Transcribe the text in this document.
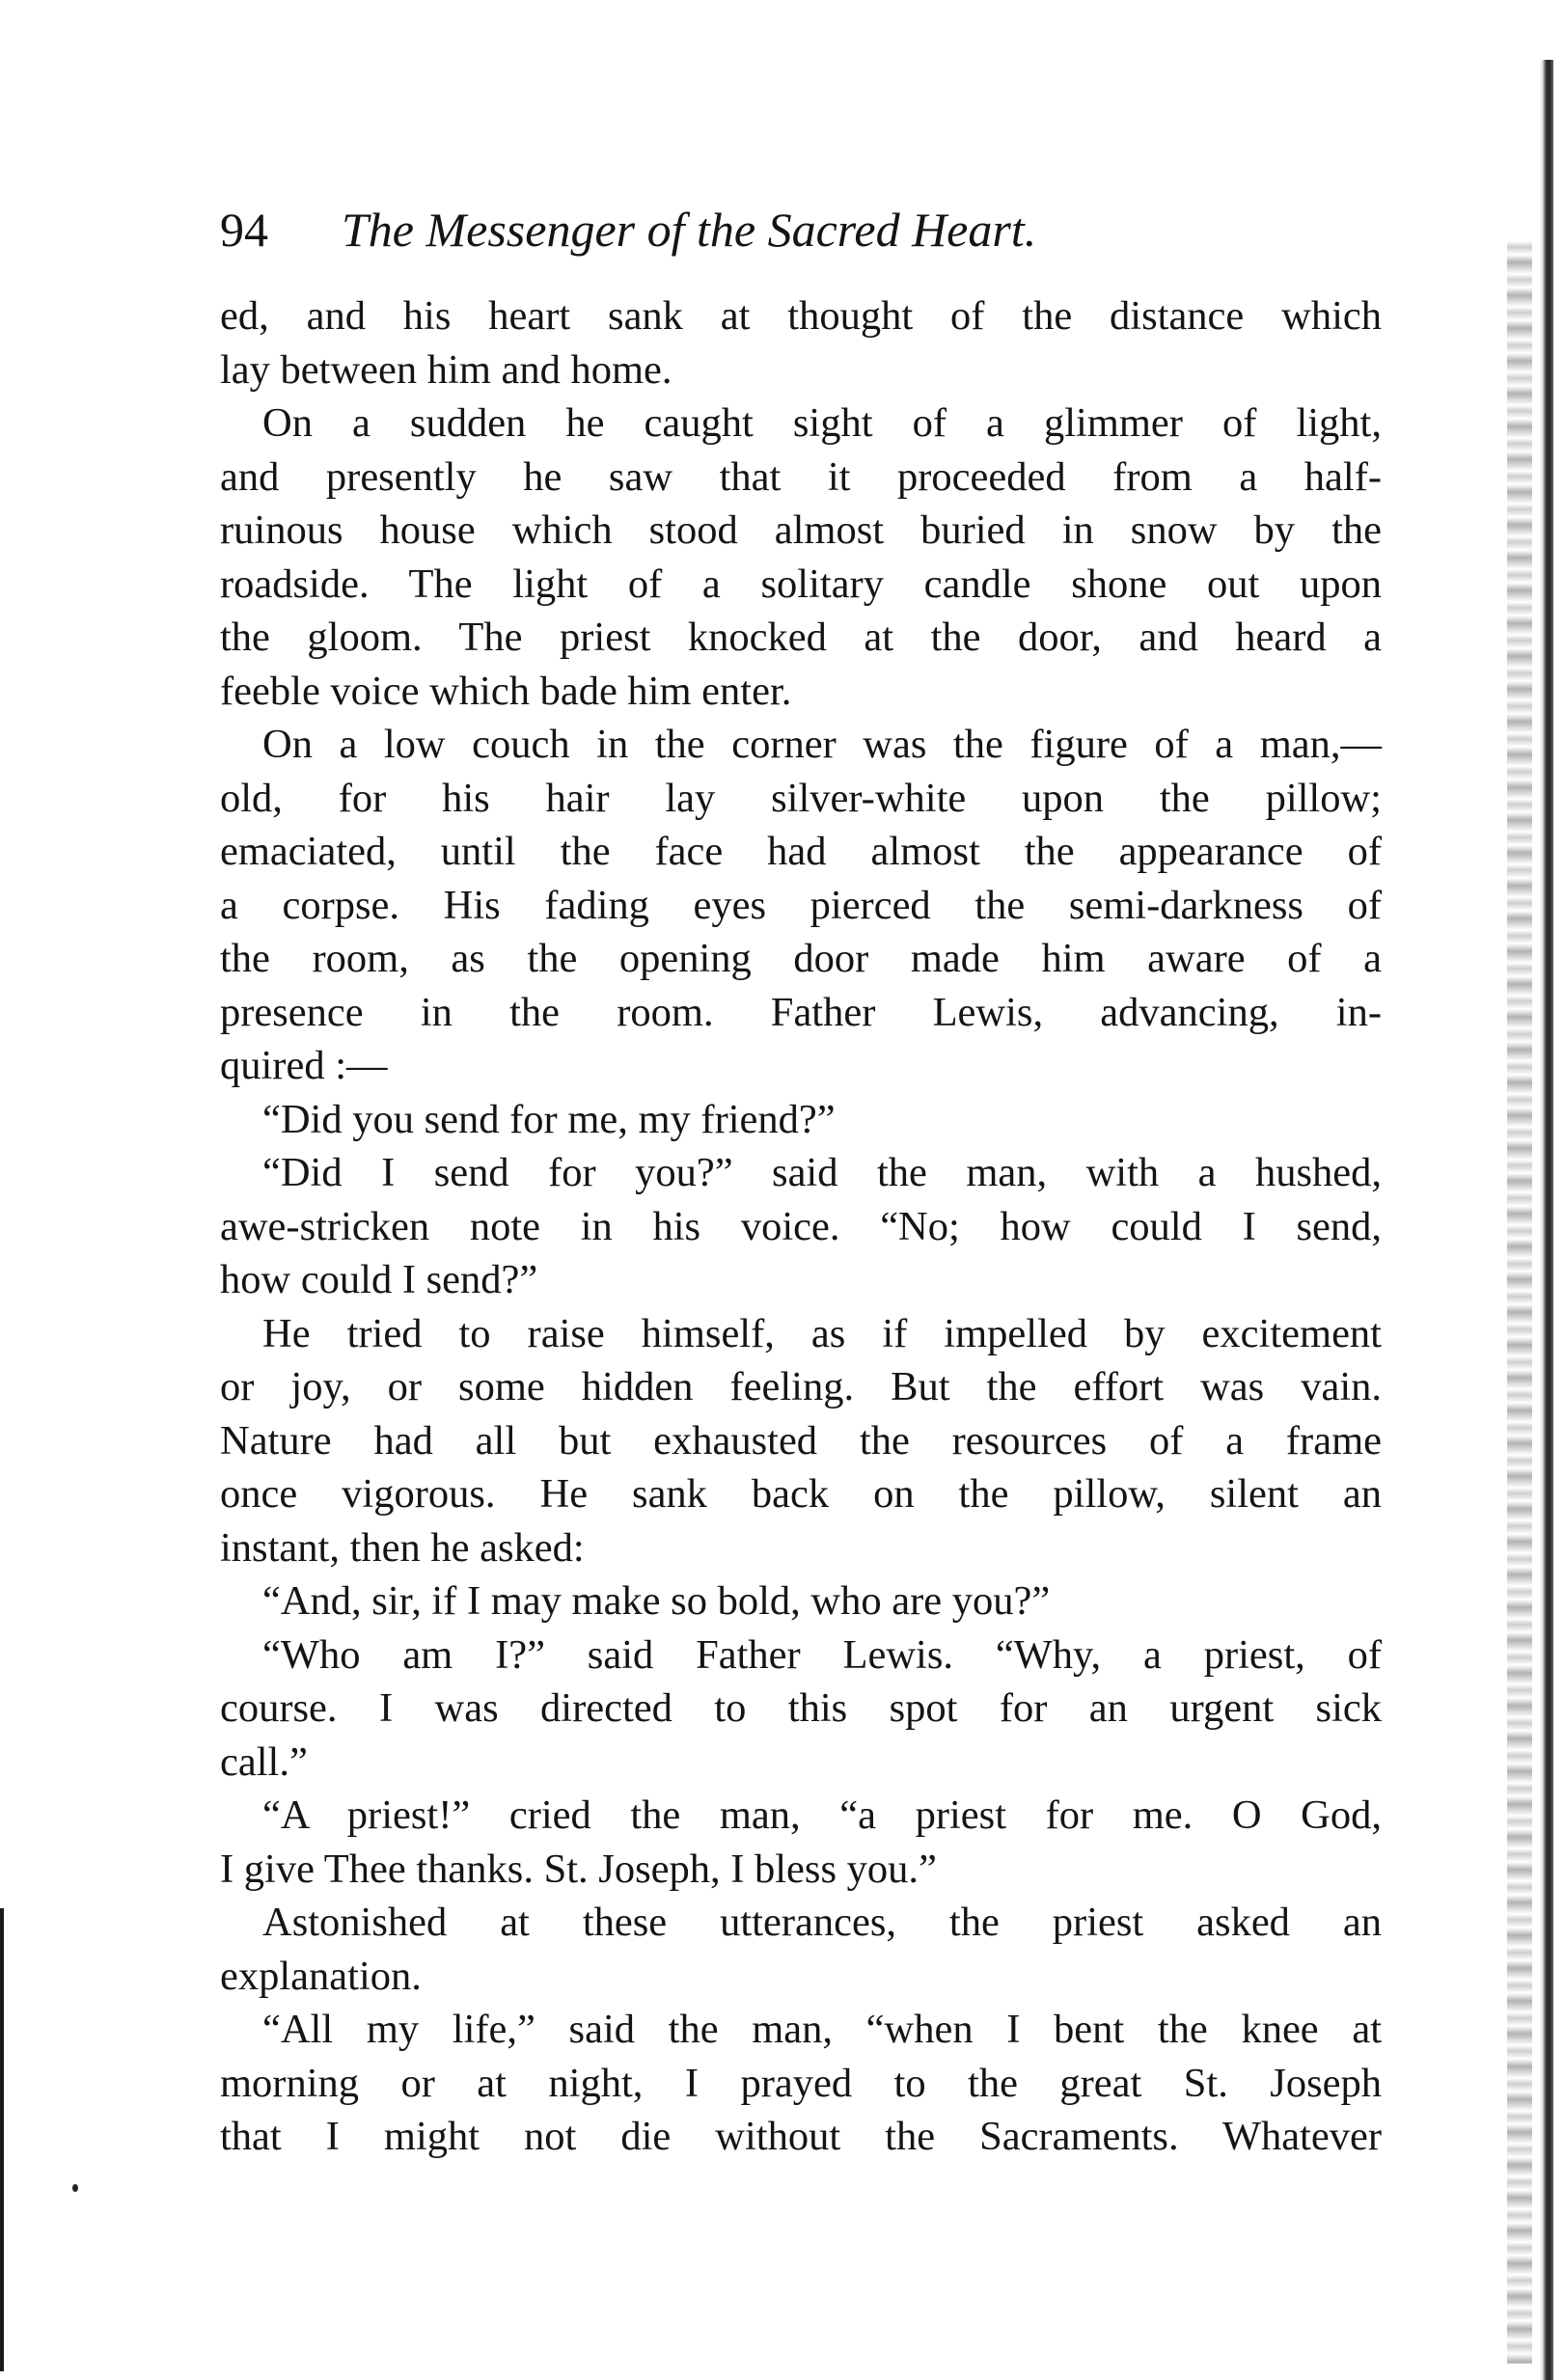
94 The Messenger of the Sacred Heart.
ed, and his heart sank at thought of the distance which
lay between him and home.
On a sudden he caught sight of a glimmer of light,
and presently he saw that it proceeded from a half-
ruinous house which stood almost buried in snow by the
roadside. The light of a solitary candle shone out upon
the gloom. The priest knocked at the door, and heard a
feeble voice which bade him enter.
On a low couch in the corner was the figure of a man,—
old, for his hair lay silver-white upon the pillow;
emaciated, until the face had almost the appearance of
a corpse. His fading eyes pierced the semi-darkness of
the room, as the opening door made him aware of a
presence in the room. Father Lewis, advancing, in-
quired :—
“Did you send for me, my friend?”
“Did I send for you?” said the man, with a hushed,
awe-stricken note in his voice. “No; how could I send,
how could I send?”
He tried to raise himself, as if impelled by excitement
or joy, or some hidden feeling. But the effort was vain.
Nature had all but exhausted the resources of a frame
once vigorous. He sank back on the pillow, silent an
instant, then he asked:
“And, sir, if I may make so bold, who are you?”
“Who am I?” said Father Lewis. “Why, a priest, of
course. I was directed to this spot for an urgent sick
call.”
“A priest!” cried the man, “a priest for me. O God,
I give Thee thanks. St. Joseph, I bless you.”
Astonished at these utterances, the priest asked an
explanation.
“All my life,” said the man, “when I bent the knee at
morning or at night, I prayed to the great St. Joseph
that I might not die without the Sacraments. Whatever
